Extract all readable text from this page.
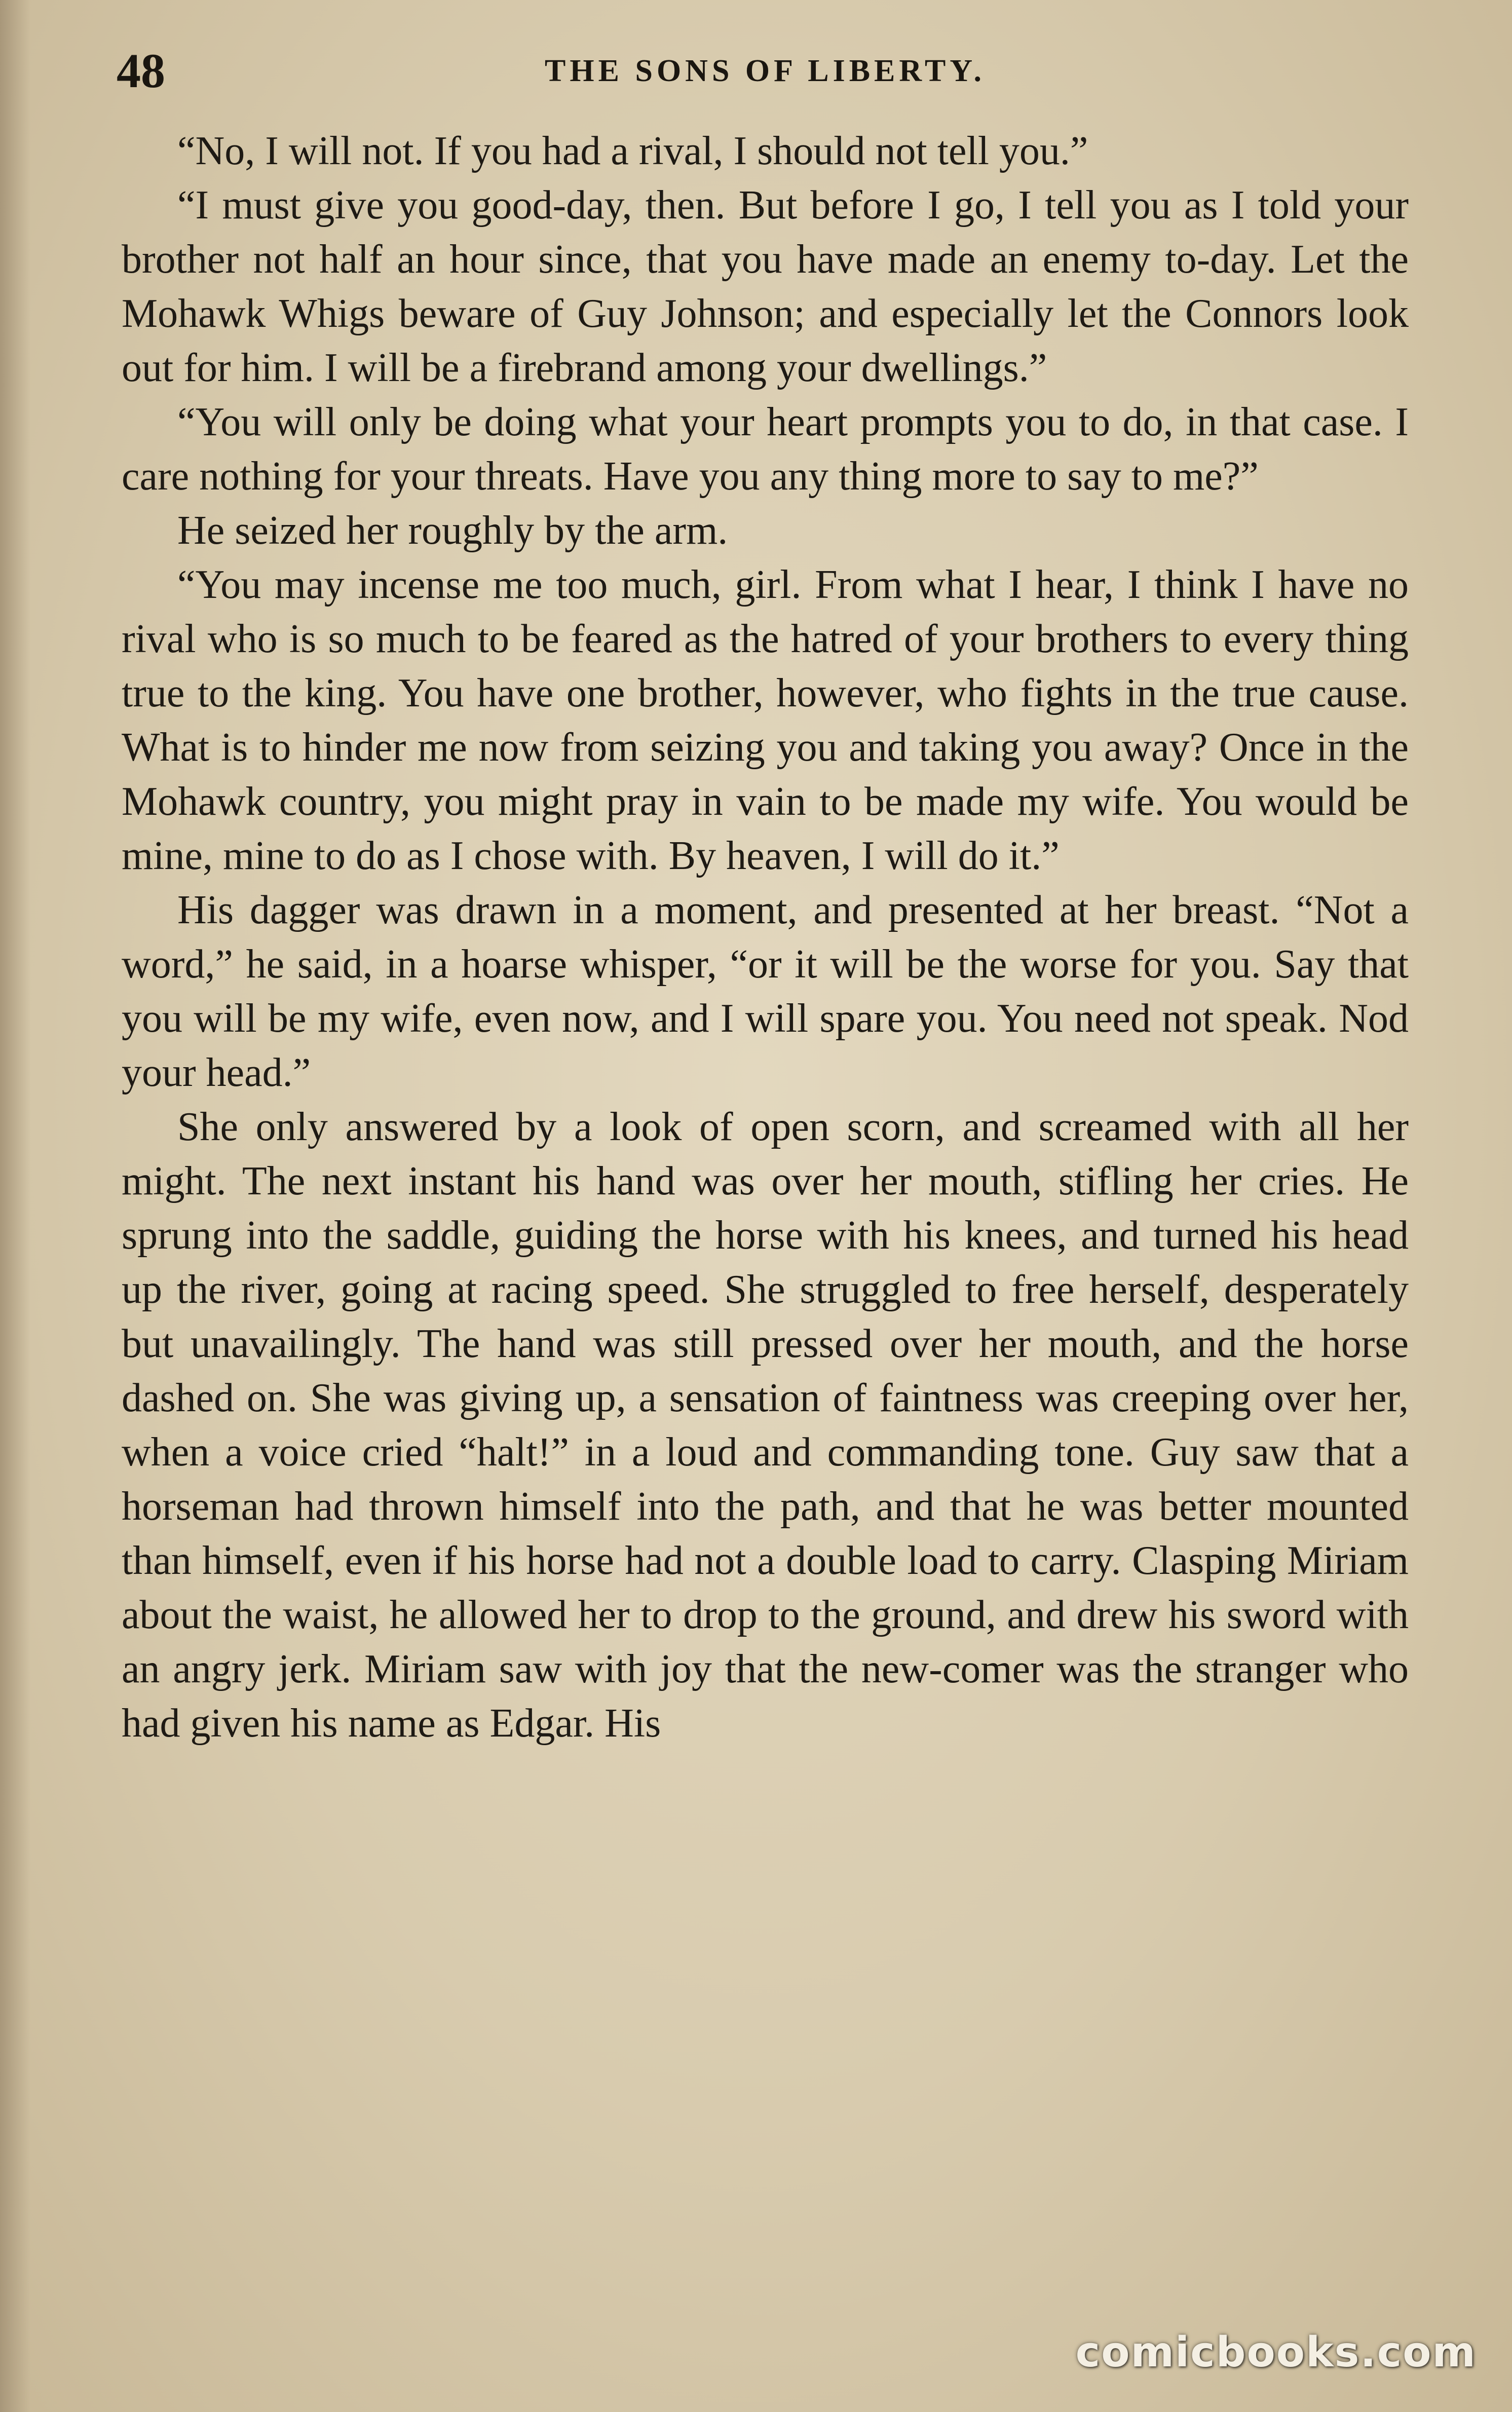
48	THE SONS OF LIBERTY.

“No, I will not. If you had a rival, I should not tell you.”

“I must give you good-day, then. But before I go, I tell you as I told your brother not half an hour since, that you have made an enemy to-day. Let the Mohawk Whigs beware of Guy Johnson; and especially let the Connors look out for him. I will be a firebrand among your dwellings.”

“You will only be doing what your heart prompts you to do, in that case. I care nothing for your threats. Have you any thing more to say to me?”

He seized her roughly by the arm.

“You may incense me too much, girl. From what I hear, I think I have no rival who is so much to be feared as the hatred of your brothers to every thing true to the king. You have one brother, however, who fights in the true cause. What is to hinder me now from seizing you and taking you away? Once in the Mohawk country, you might pray in vain to be made my wife. You would be mine, mine to do as I chose with. By heaven, I will do it.”

His dagger was drawn in a moment, and presented at her breast. “Not a word,” he said, in a hoarse whisper, “or it will be the worse for you. Say that you will be my wife, even now, and I will spare you. You need not speak. Nod your head.”

She only answered by a look of open scorn, and screamed with all her might. The next instant his hand was over her mouth, stifling her cries. He sprung into the saddle, guiding the horse with his knees, and turned his head up the river, going at racing speed. She struggled to free herself, desperately but unavailingly. The hand was still pressed over her mouth, and the horse dashed on. She was giving up, a sensation of faintness was creeping over her, when a voice cried “halt!” in a loud and commanding tone. Guy saw that a horseman had thrown himself into the path, and that he was better mounted than himself, even if his horse had not a double load to carry. Clasping Miriam about the waist, he allowed her to drop to the ground, and drew his sword with an angry jerk. Miriam saw with joy that the new-comer was the stranger who had given his name as Edgar. His

comicbooks.com
